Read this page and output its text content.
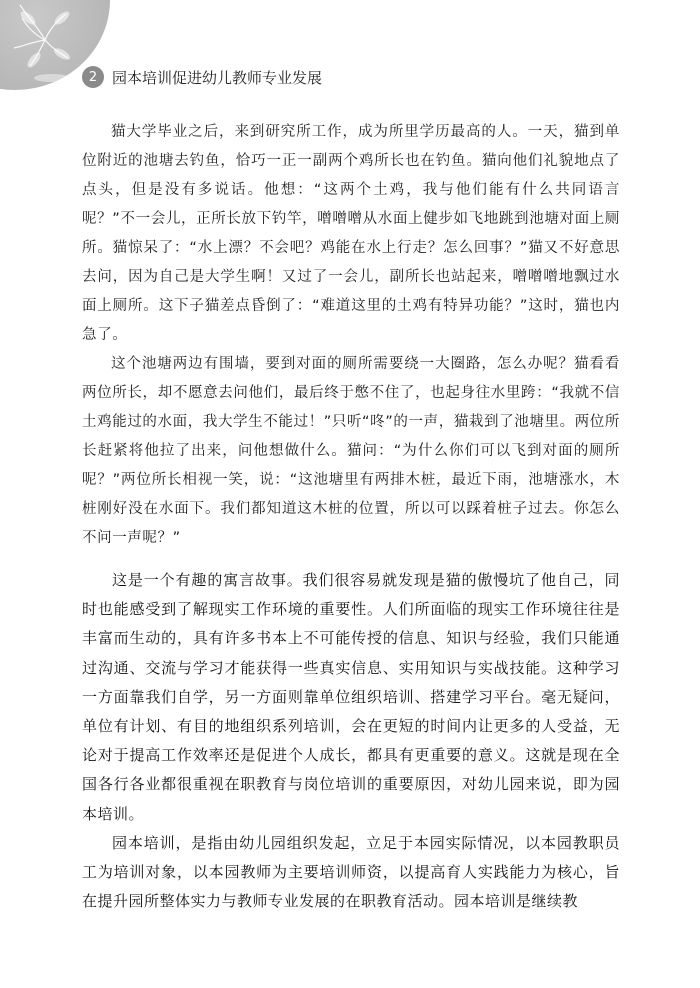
2 园本培训促进幼儿教师专业发展

猫大学毕业之后，来到研究所工作，成为所里学历最高的人。一天，猫到单位附近的池塘去钓鱼，恰巧一正一副两个鸡所长也在钓鱼。猫向他们礼貌地点了点头，但是没有多说话。他想：“这两个土鸡，我与他们能有什么共同语言呢？”不一会儿，正所长放下钓竿，噌噌噌从水面上健步如飞地跳到池塘对面上厕所。猫惊呆了：“水上漂？不会吧？鸡能在水上行走？怎么回事？”猫又不好意思去问，因为自己是大学生啊！又过了一会儿，副所长也站起来，噌噌噌地飘过水面上厕所。这下子猫差点昏倒了：“难道这里的土鸡有特异功能？”这时，猫也内急了。

这个池塘两边有围墙，要到对面的厕所需要绕一大圈路，怎么办呢？猫看看两位所长，却不愿意去问他们，最后终于憋不住了，也起身往水里跨：“我就不信土鸡能过的水面，我大学生不能过！”只听“咚”的一声，猫栽到了池塘里。两位所长赶紧将他拉了出来，问他想做什么。猫问：“为什么你们可以飞到对面的厕所呢？”两位所长相视一笑，说：“这池塘里有两排木桩，最近下雨，池塘涨水，木桩刚好没在水面下。我们都知道这木桩的位置，所以可以踩着桩子过去。你怎么不问一声呢？”

这是一个有趣的寓言故事。我们很容易就发现是猫的傲慢坑了他自己，同时也能感受到了解现实工作环境的重要性。人们所面临的现实工作环境往往是丰富而生动的，具有许多书本上不可能传授的信息、知识与经验，我们只能通过沟通、交流与学习才能获得一些真实信息、实用知识与实战技能。这种学习一方面靠我们自学，另一方面则靠单位组织培训、搭建学习平台。毫无疑问，单位有计划、有目的地组织系列培训，会在更短的时间内让更多的人受益，无论对于提高工作效率还是促进个人成长，都具有更重要的意义。这就是现在全国各行各业都很重视在职教育与岗位培训的重要原因，对幼儿园来说，即为园本培训。

园本培训，是指由幼儿园组织发起，立足于本园实际情况，以本园教职员工为培训对象，以本园教师为主要培训师资，以提高育人实践能力为核心，旨在提升园所整体实力与教师专业发展的在职教育活动。园本培训是继续教
